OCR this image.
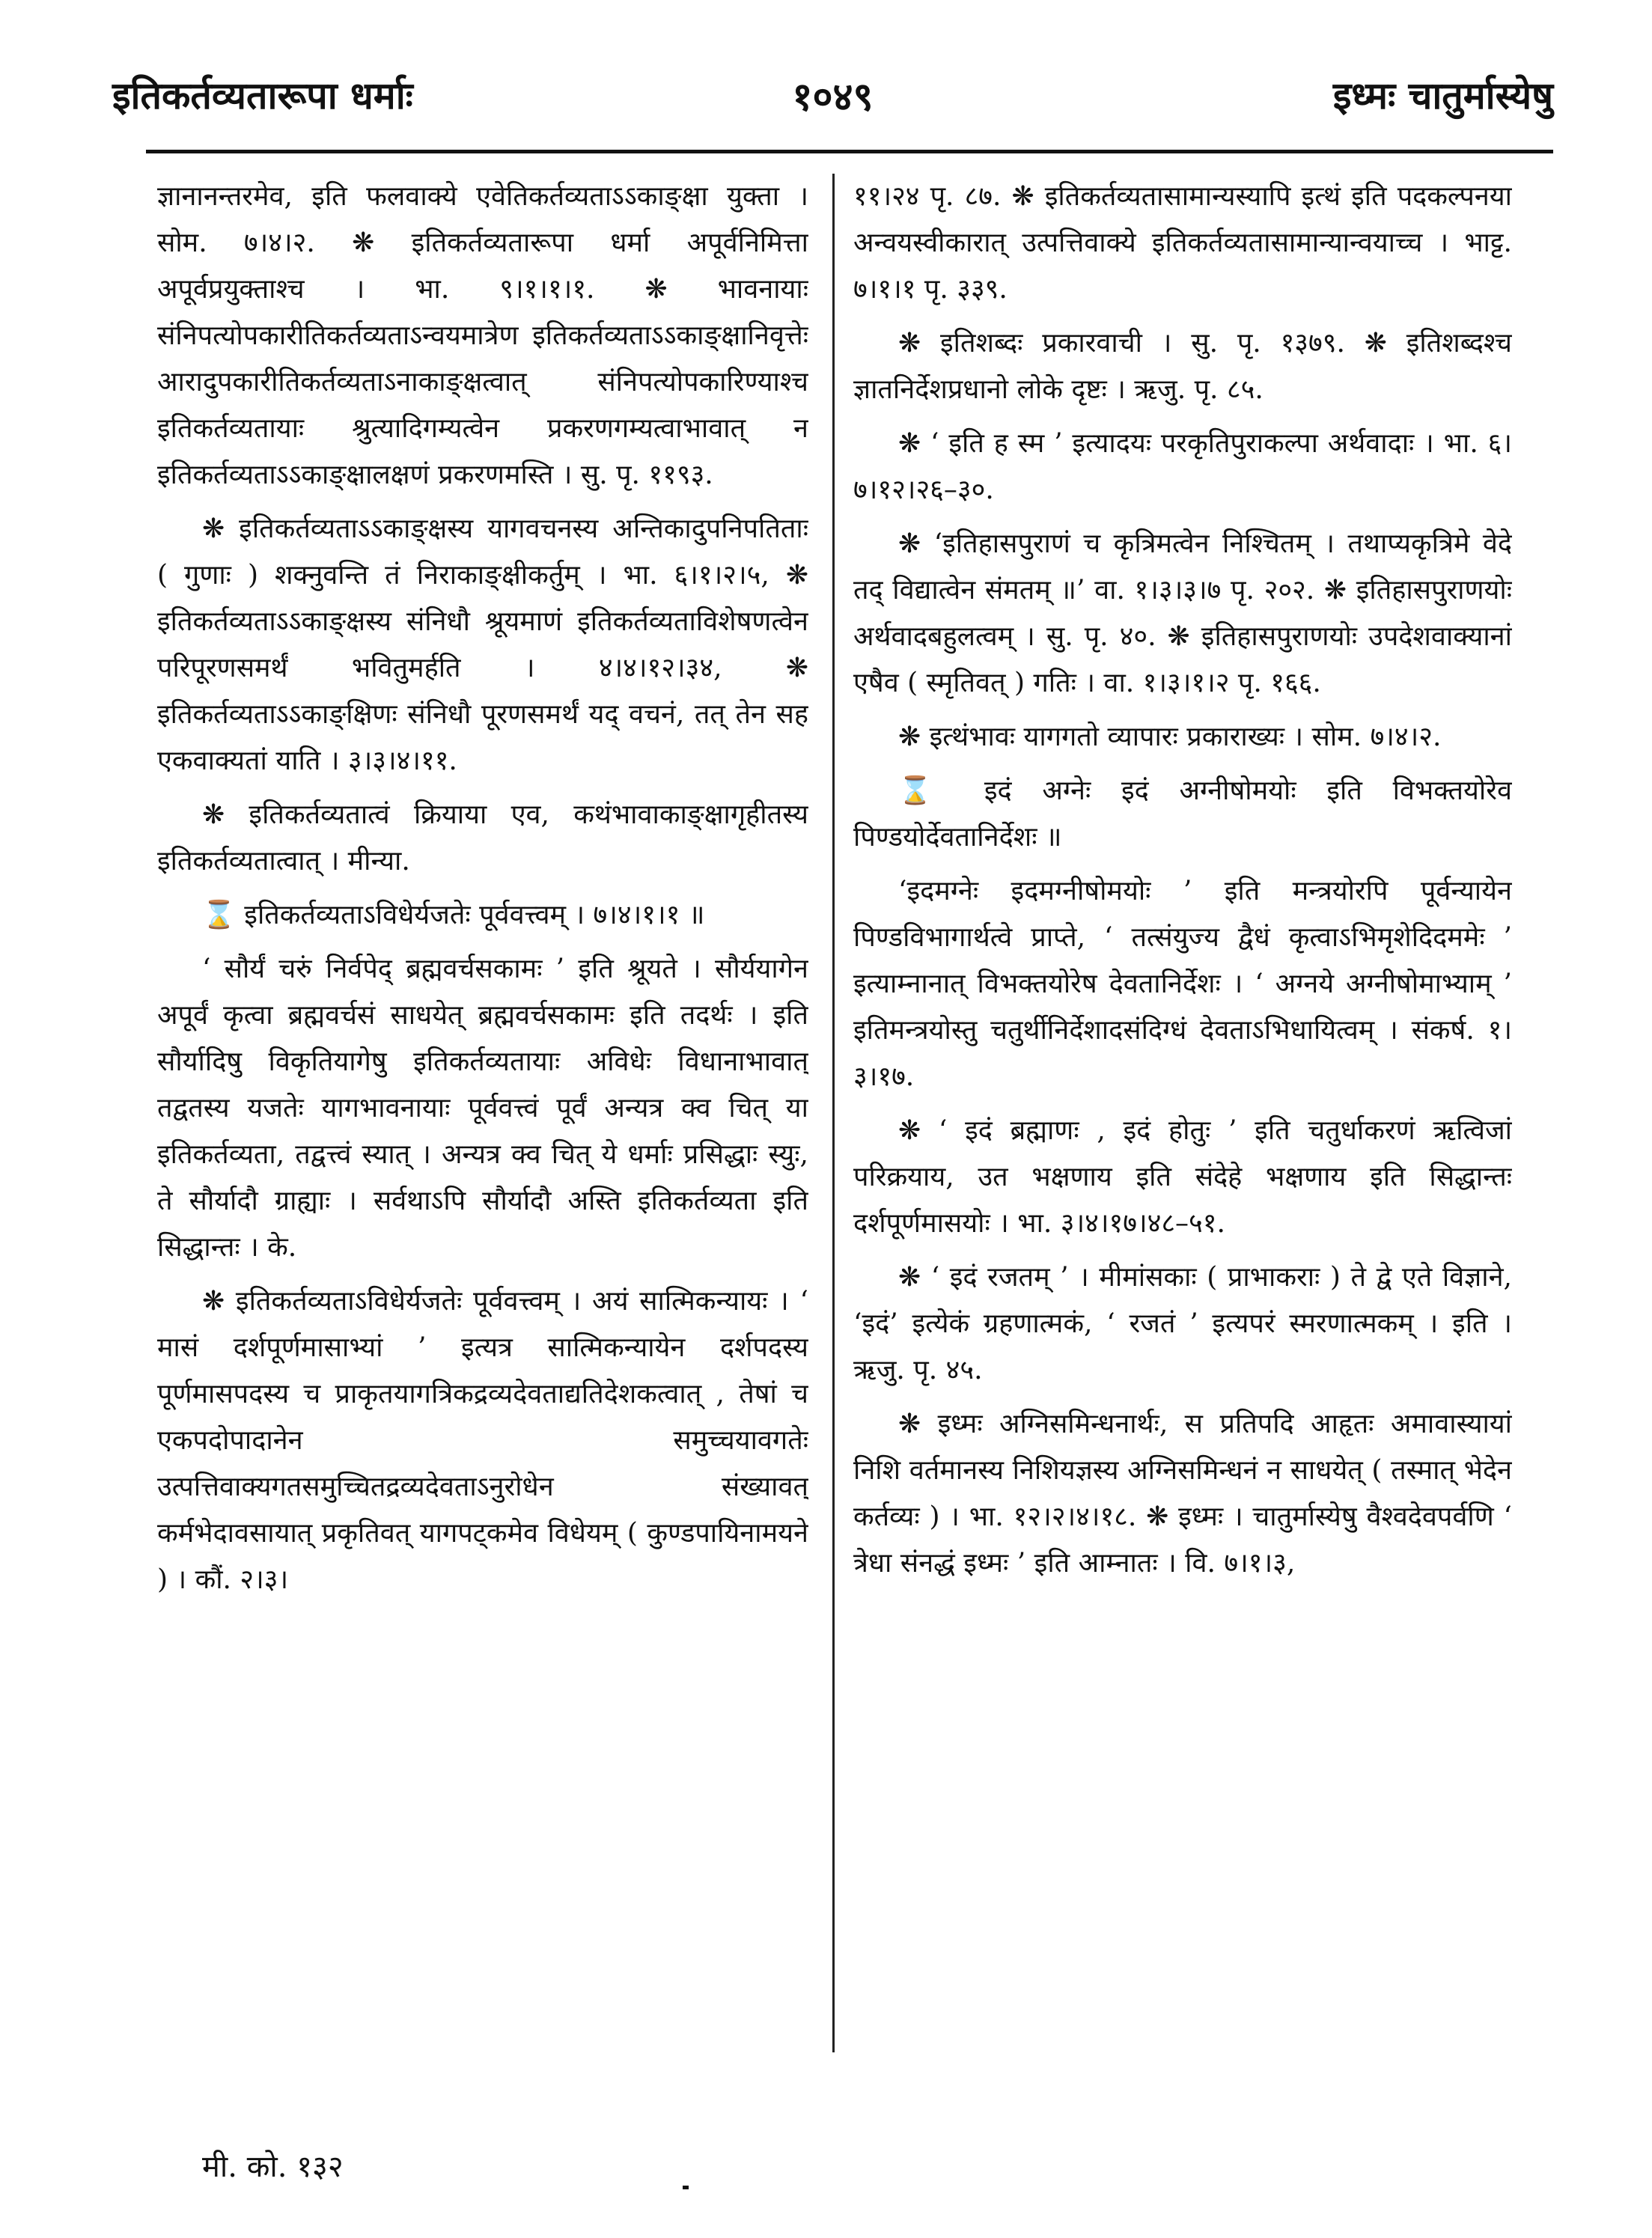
इतिकर्तव्यतारूपा धर्माः	१०४९	इध्मः चातुर्मास्येषु

ज्ञानानन्तरमेव, इति फलवाक्ये एवेतिकर्तव्यताऽऽकाङ्क्षा युक्ता । सोम. ७।४।२. ❋ इतिकर्तव्यतारूपा धर्मा अपूर्वनिमित्ता अपूर्वप्रयुक्ताश्च । भा. ९।१।१।१. ❋ भावनायाः संनिपत्योपकारीतिकर्तव्यताऽन्वयमात्रेण इतिकर्तव्यताऽऽकाङ्क्षानिवृत्तेः आरादुपकारीतिकर्तव्यताऽनाकाङ्क्षत्वात् संनिपत्योपकारिण्याश्च इतिकर्तव्यतायाः श्रुत्यादिगम्यत्वेन प्रकरणगम्यत्वाभावात् न इतिकर्तव्यताऽऽकाङ्क्षालक्षणं प्रकरणमस्ति । सु. पृ. ११९३.

❋ इतिकर्तव्यताऽऽकाङ्क्षस्य यागवचनस्य अन्तिकादुपनिपतिताः ( गुणाः ) शक्नुवन्ति तं निराकाङ्क्षीकर्तुम् । भा. ६।१।२।५, ❋ इतिकर्तव्यताऽऽकाङ्क्षस्य संनिधौ श्रूयमाणं इतिकर्तव्यताविशेषणत्वेन परिपूरणसमर्थं भवितुमर्हति । ४।४।१२।३४, ❋ इतिकर्तव्यताऽऽकाङ्क्षिणः संनिधौ पूरणसमर्थं यद् वचनं, तत् तेन सह एकवाक्यतां याति । ३।३।४।११.

❋ इतिकर्तव्यतात्वं क्रियाया एव, कथंभावाकाङ्क्षागृहीतस्य इतिकर्तव्यतात्वात् । मीन्या.

⌛ इतिकर्तव्यताऽविधेर्यजतेः पूर्ववत्त्वम् । ७।४।१।१ ॥

‘ सौर्यं चरुं निर्वपेद् ब्रह्मवर्चसकामः ’ इति श्रूयते । सौर्ययागेन अपूर्वं कृत्वा ब्रह्मवर्चसं साधयेत् ब्रह्मवर्चसकामः इति तदर्थः । इति सौर्यादिषु विकृतियागेषु इतिकर्तव्यतायाः अविधेः विधानाभावात् तद्वतस्य यजतेः यागभावनायाः पूर्ववत्त्वं पूर्वं अन्यत्र क्व चित् या इतिकर्तव्यता, तद्वत्त्वं स्यात् । अन्यत्र क्व चित् ये धर्माः प्रसिद्धाः स्युः, ते सौर्यादौ ग्राह्याः । सर्वथाऽपि सौर्यादौ अस्ति इतिकर्तव्यता इति सिद्धान्तः । के.

❋ इतिकर्तव्यताऽविधेर्यजतेः पूर्ववत्त्वम् । अयं सात्मिकन्यायः । ‘ मासं दर्शपूर्णमासाभ्यां ’ इत्यत्र सात्मिकन्यायेन दर्शपदस्य पूर्णमासपदस्य च प्राकृतयागत्रिकद्रव्यदेवताद्यतिदेशकत्वात् , तेषां च एकपदोपादानेन समुच्चयावगतेः उत्पत्तिवाक्यगतसमुच्चितद्रव्यदेवताऽनुरोधेन संख्यावत् कर्मभेदावसायात् प्रकृतिवत् यागपट्कमेव विधेयम् ( कुण्डपायिनामयने ) । कौं. २।३।

११।२४ पृ. ८७. ❋ इतिकर्तव्यतासामान्यस्यापि इत्थं इति पदकल्पनया अन्वयस्वीकारात् उत्पत्तिवाक्ये इतिकर्तव्यतासामान्यान्वयाच्च । भाट्ट. ७।१।१ पृ. ३३९.

❋ इतिशब्दः प्रकारवाची । सु. पृ. १३७९. ❋ इतिशब्दश्च ज्ञातनिर्देशप्रधानो लोके दृष्टः । ऋजु. पृ. ८५.

❋ ‘ इति ह स्म ’ इत्यादयः परकृतिपुराकल्पा अर्थवादाः । भा. ६।७।१२।२६–३०.

❋ ‘इतिहासपुराणं च कृत्रिमत्वेन निश्चितम् । तथाप्यकृत्रिमे वेदे तद् विद्यात्वेन संमतम् ॥’ वा. १।३।३।७ पृ. २०२. ❋ इतिहासपुराणयोः अर्थवादबहुलत्वम् । सु. पृ. ४०. ❋ इतिहासपुराणयोः उपदेशवाक्यानां एषैव ( स्मृतिवत् ) गतिः । वा. १।३।१।२ पृ. १६६.

❋ इत्थंभावः यागगतो व्यापारः प्रकाराख्यः । सोम. ७।४।२.

⌛ इदं अग्नेः इदं अग्नीषोमयोः इति विभक्तयोरेव पिण्डयोर्देवतानिर्देशः ॥

‘इदमग्नेः इदमग्नीषोमयोः ’ इति मन्त्रयोरपि पूर्वन्यायेन पिण्डविभागार्थत्वे प्राप्ते, ‘ तत्संयुज्य द्वैधं कृत्वाऽभिमृशेदिदममेः ’ इत्याम्नानात् विभक्तयोरेष देवतानिर्देशः । ‘ अग्नये अग्नीषोमाभ्याम् ’ इतिमन्त्रयोस्तु चतुर्थीनिर्देशादसंदिग्धं देवताऽभिधायित्वम् । संकर्ष. १।३।१७.

❋ ‘ इदं ब्रह्माणः , इदं होतुः ’ इति चतुर्धाकरणं ऋत्विजां परिक्रयाय, उत भक्षणाय इति संदेहे भक्षणाय इति सिद्धान्तः दर्शपूर्णमासयोः । भा. ३।४।१७।४८–५१.

❋ ‘ इदं रजतम् ’ । मीमांसकाः ( प्राभाकराः ) ते द्वे एते विज्ञाने, ‘इदं’ इत्येकं ग्रहणात्मकं, ‘ रजतं ’ इत्यपरं स्मरणात्मकम् । इति । ऋजु. पृ. ४५.

❋ इध्मः अग्निसमिन्धनार्थः, स प्रतिपदि आहृतः अमावास्यायां निशि वर्तमानस्य निशियज्ञस्य अग्निसमिन्धनं न साधयेत् ( तस्मात् भेदेन कर्तव्यः ) । भा. १२।२।४।१८. ❋ इध्मः । चातुर्मास्येषु वैश्वदेवपर्वणि ‘ त्रेधा संनद्धं इध्मः ’ इति आम्नातः । वि. ७।१।३,

मी. को. १३२
